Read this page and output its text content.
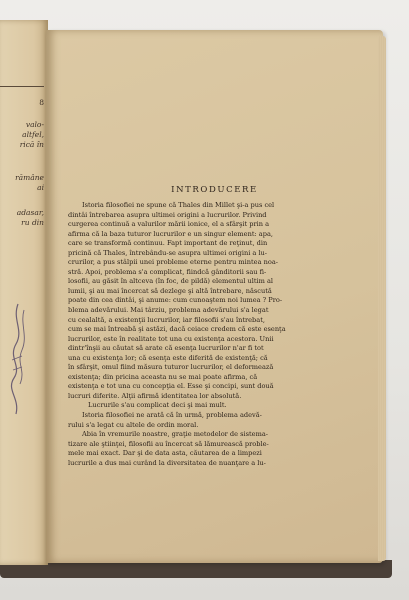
8
valo-
altfel,
rică în
rămâne
ai
adasar,
ru din
INTRODUCERE
Istoria filosofiei ne spune că Thales din Millet şi-a pus cel
dintâi întrebarea asupra ultimei origini a lucrurilor. Privind
curgerea continuă a valurilor mării ionice, el a sfârşit prin a
afirma că la baza tuturor lucrurilor e un singur element: apa,
care se transformă continuu. Fapt important de reţinut, din
pricină că Thales, întrebându-se asupra ultimei origini a lu-
crurilor, a pus stâlpii unei probleme eterne pentru mintea noa-
stră. Apoi, problema s'a complicat, fiindcă gânditorii sau fi-
losofii, au găsit în altceva (în foc, de pildă) elementul ultim al
lumii, şi au mai încercat să dezlege şi altă întrebare, născută
poate din cea dintâi, şi anume: cum cunoaştem noi lumea ? Pro-
blema adevărului. Mai târziu, problema adevărului s'a legat
cu cealaltă, a existenţii lucrurilor, iar filosofii s'au întrebat,
cum se mai întreabă şi astăzi, dacă ceiace credem că este esenţa
lucrurilor, este în realitate tot una cu existenţa acestora. Unii
dintr'înşii au căutat să arate că esenţa lucrurilor n'ar fi tot
una cu existenţa lor; că esenţa este diferită de existenţă; că
în sfârşit, omul fiind măsura tuturor lucrurilor, el deformează
existenţa; din pricina aceasta nu se mai poate afirma, că
existenţa e tot una cu concepţia el. Esse şi concipi, sunt două
lucruri diferite. Alţii afirmă identitatea lor absolută.
Lucrurile s'au complicat deci şi mai mult.
Istoria filosofiei ne arată că în urmă, problema adevă-
rului s'a legat cu altele de ordin moral.
Abia în vremurile noastre, graţie metodelor de sistema-
tizare ale ştiinţei, filosofii au încercat să lămurească proble-
mele mai exact. Dar şi de data asta, căutarea de a limpezi
lucrurile a dus mai curând la diversitatea de nuanţare a lu-
